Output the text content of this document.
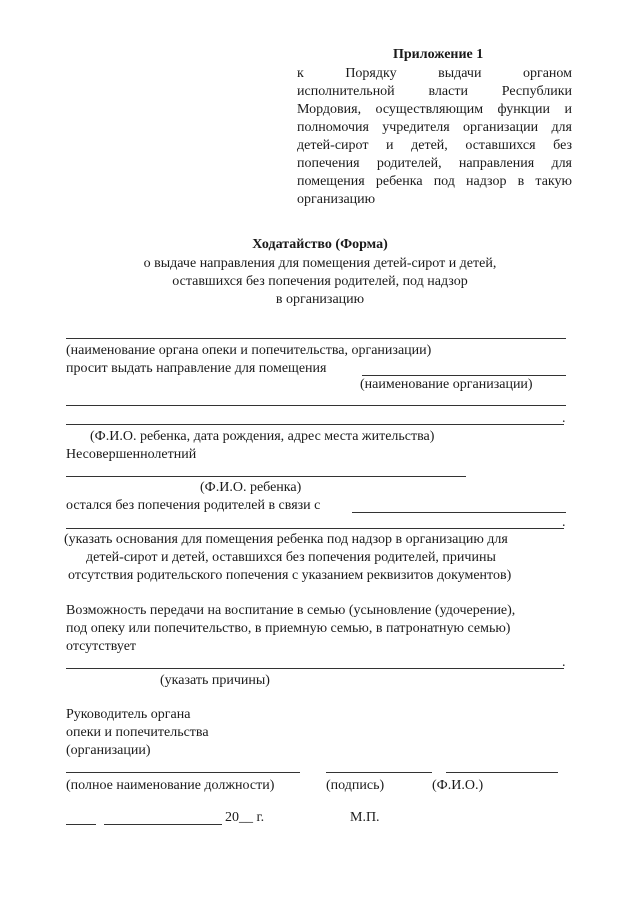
Приложение 1
к Порядку выдачи органом
исполнительной власти Республики
Мордовия, осуществляющим функции и
полномочия учредителя организации для
детей-сирот и детей, оставшихся без
попечения родителей, направления для
помещения ребенка под надзор в такую
организацию
Ходатайство (Форма)
о выдаче направления для помещения детей-сирот и детей,
оставшихся без попечения родителей, под надзор
в организацию
(наименование органа опеки и попечительства, организации)
просит выдать направление для помещения
(наименование организации)
.
(Ф.И.О. ребенка, дата рождения, адрес места жительства)
Несовершеннолетний
(Ф.И.О. ребенка)
остался без попечения родителей в связи с
.
(указать основания для помещения ребенка под надзор в организацию для
детей-сирот и детей, оставшихся без попечения родителей, причины
отсутствия родительского попечения с указанием реквизитов документов)
Возможность передачи на воспитание в семью (усыновление (удочерение),
под опеку или попечительство, в приемную семью, в патронатную семью)
отсутствует
.
(указать причины)
Руководитель органа
опеки и попечительства
(организации)
(полное наименование должности)	(подпись)	(Ф.И.О.)
20__ г.	М.П.
